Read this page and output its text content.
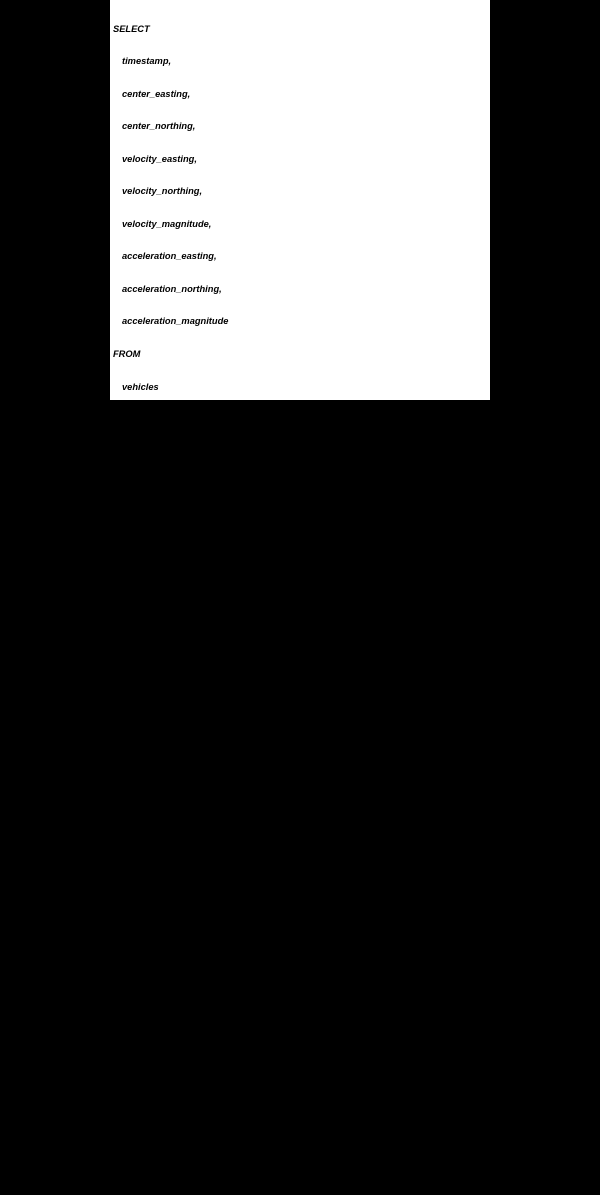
SELECT

timestamp,

center_easting,

center_northing,

velocity_easting,

velocity_northing,

velocity_magnitude,

acceleration_easting,

acceleration_northing,

acceleration_magnitude

FROM

vehicles

WHERE

strftime('%H:%M:%S', timestamp) = '00:01:17'

AND center_easting = 604739.287

AND center_northing = 5792784.4887500005

UNION ALL

SELECT

timestamp,

center_easting,

center_northing,

velocity_easting,

velocity_northing,

velocity_magnitude,

acceleration_easting,

acceleration_northing,

acceleration_magnitude

FROM

vehicles

WHERE

strftime('%H:%M:%S', timestamp) = '00:01:17'

AND ((center_easting BETWEEN 604639.287 AND 604839.287)

AND (center_northing BETWEEN 5792684.4887500005 AND 5792884.4887500005))

AND NOT (center_easting = 604739.287 AND center_northing = 5792784.4887500005)
